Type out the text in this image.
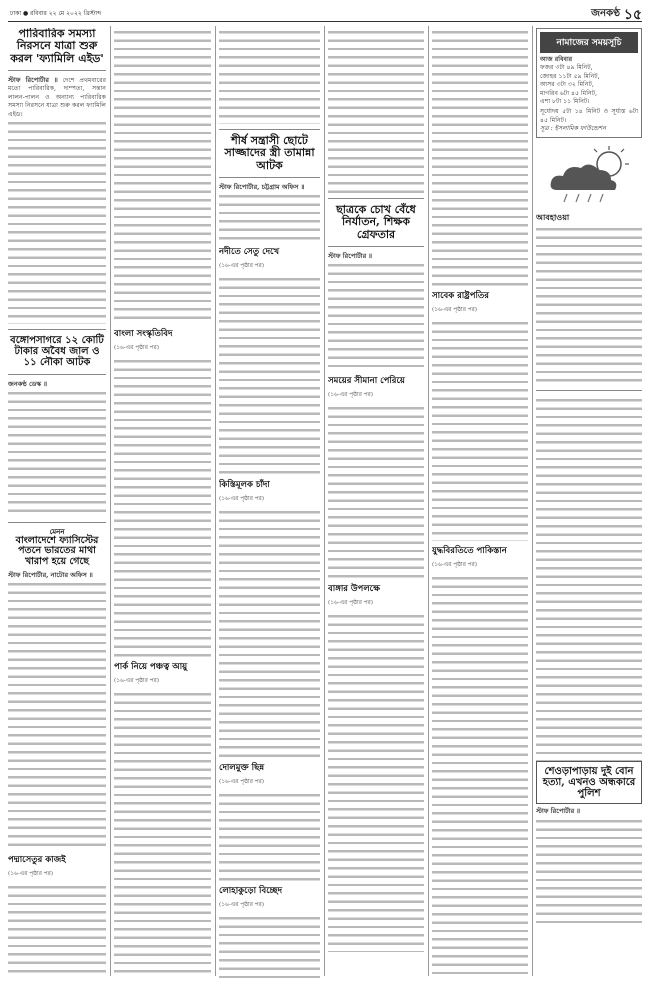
ঢাকা ● রবিবার ২২ মে ২০২২ খ্রিস্টাব্দ	জনকণ্ঠ ১৫
পারিবারিক সমস্যা নিরসনে যাত্রা শুরু করল 'ফ্যামিলি এইড'
স্টাফ রিপোর্টার ॥ দেশে প্রথমবারের মতো পারিবারিক, দাম্পত্য, সন্তান লালন-পালন ও অন্যান্য পারিবারিক সমস্যা নিরসনে যাত্রা শুরু করল ফ্যামিলি এইড।
বঙ্গোপসাগরে ১২ কোটি টাকার অবৈধ জাল ও ১১ নৌকা আটক
জনকণ্ঠ ডেস্ক ॥
মেনন
বাংলাদেশে ফ্যাসিস্টের পতনে ভারতের মাথা খারাপ হয়ে গেছে
স্টাফ রিপোর্টার, নাটোর অফিস ॥
পদ্মাসেতুর কাজই
(১৬-এর পৃষ্ঠার পর)
বাংলা সংস্কৃতিবিদ
(১৬-এর পৃষ্ঠার পর)
পার্ক নিয়ে পঞ্চত্ব আয়ু
(১৬-এর পৃষ্ঠার পর)
শীর্ষ সন্ত্রাসী ছোটে সাজ্জাদের স্ত্রী তামান্না আটক
স্টাফ রিপোর্টার, চট্টগ্রাম অফিস ॥
নদীতে সেতু দেখে
(১৬-এর পৃষ্ঠার পর)
কিস্তিমূলক চাঁদা
(১৬-এর পৃষ্ঠার পর)
দোলমুক্ত ছিন্ন
(১৬-এর পৃষ্ঠার পর)
লোহাকুড়ো বিচ্ছেদ
(১৬-এর পৃষ্ঠার পর)
ছাত্রকে চোখ বেঁধে নির্যাতন, শিক্ষক গ্রেফতার
স্টাফ রিপোর্টার ॥
সময়ের সীমানা পেরিয়ে
(১৬-এর পৃষ্ঠার পর)
বাঙ্গার উপলক্ষে
(১৬-এর পৃষ্ঠার পর)
সাবেক রাষ্ট্রপতির
(১৬-এর পৃষ্ঠার পর)
যুদ্ধবিরতিতে পাকিস্তান
(১৬-এর পৃষ্ঠার পর)
নামাজের সময়সূচি
আজ রবিবার
ফজর ৩টা ৪৯ মিনিট,
জোহর ১১টা ৫৯ মিনিট,
আসর ৩টা ৩২ মিনিট,
মাগরিব ৬টা ৪৫ মিনিট,
এশা ৮টা ১১ মিনিট।
সূর্যোদয় ৫টা ১৪ মিনিট ও সূর্যাস্ত ৬টা ৪৫ মিনিট।
সূত্র : ইসলামিক ফাউন্ডেশন
আবহাওয়া
শেওড়াপাড়ায় দুই বোন হত্যা, এখনও অন্ধকারে পুলিশ
স্টাফ রিপোর্টার ॥
